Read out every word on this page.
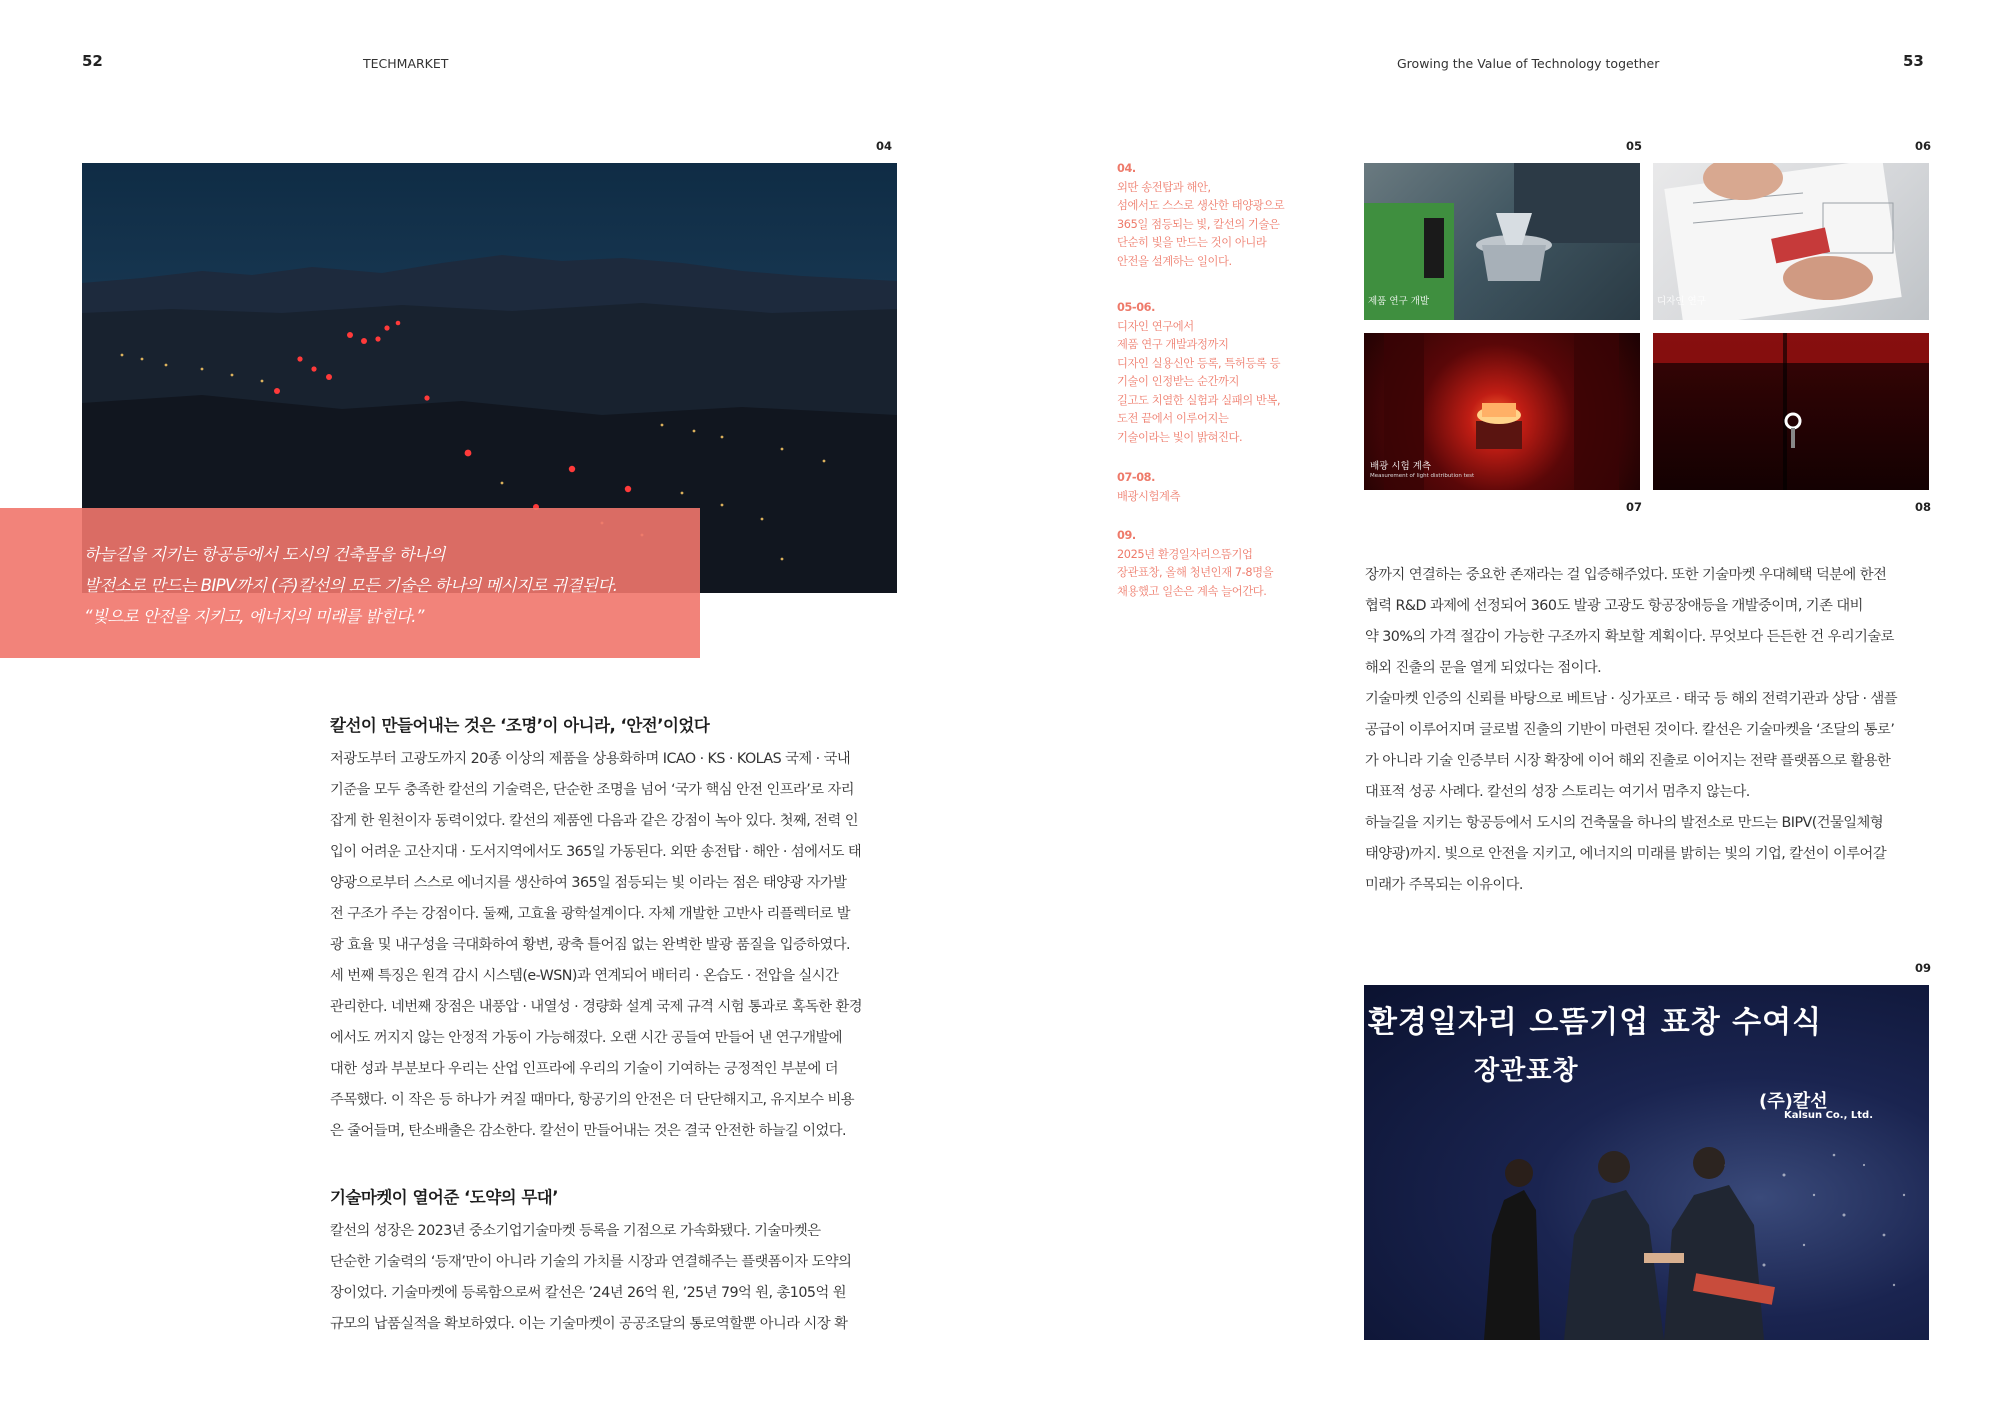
52	TECHMARKET	Growing the Value of Technology together	53
04
하늘길을 지키는 항공등에서 도시의 건축물을 하나의
발전소로 만드는 BIPV까지 (주)칼선의 모든 기술은 하나의 메시지로 귀결된다.
“빛으로 안전을 지키고, 에너지의 미래를 밝힌다.”
칼선이 만들어내는 것은 ‘조명’이 아니라, ‘안전’이었다
저광도부터 고광도까지 20종 이상의 제품을 상용화하며 ICAO · KS · KOLAS 국제 · 국내
기준을 모두 충족한 칼선의 기술력은, 단순한 조명을 넘어 ‘국가 핵심 안전 인프라’로 자리
잡게 한 원천이자 동력이었다. 칼선의 제품엔 다음과 같은 강점이 녹아 있다. 첫째, 전력 인
입이 어려운 고산지대 · 도서지역에서도 365일 가동된다. 외딴 송전탑 · 해안 · 섬에서도 태
양광으로부터 스스로 에너지를 생산하여 365일 점등되는 빛 이라는 점은 태양광 자가발
전 구조가 주는 강점이다. 둘째, 고효율 광학설계이다. 자체 개발한 고반사 리플렉터로 발
광 효율 및 내구성을 극대화하여 황변, 광축 틀어짐 없는 완벽한 발광 품질을 입증하였다.
세 번째 특징은 원격 감시 시스템(e-WSN)과 연계되어 배터리 · 온습도 · 전압을 실시간
관리한다. 네번째 장점은 내풍압 · 내열성 · 경량화 설계 국제 규격 시험 통과로 혹독한 환경
에서도 꺼지지 않는 안정적 가동이 가능해졌다. 오랜 시간 공들여 만들어 낸 연구개발에
대한 성과 부분보다 우리는 산업 인프라에 우리의 기술이 기여하는 긍정적인 부분에 더
주목했다. 이 작은 등 하나가 켜질 때마다, 항공기의 안전은 더 단단해지고, 유지보수 비용
은 줄어들며, 탄소배출은 감소한다. 칼선이 만들어내는 것은 결국 안전한 하늘길 이었다.
기술마켓이 열어준 ‘도약의 무대’
칼선의 성장은 2023년 중소기업기술마켓 등록을 기점으로 가속화됐다. 기술마켓은
단순한 기술력의 ‘등재’만이 아니라 기술의 가치를 시장과 연결해주는 플랫폼이자 도약의
장이었다. 기술마켓에 등록함으로써 칼선은 ’24년 26억 원, ’25년 79억 원, 총105억 원
규모의 납품실적을 확보하였다. 이는 기술마켓이 공공조달의 통로역할뿐 아니라 시장 확
04.
외딴 송전탑과 해안,
섬에서도 스스로 생산한 태양광으로
365일 점등되는 빛, 칼선의 기술은
단순히 빛을 만드는 것이 아니라
안전을 설계하는 일이다.
05-06.
디자인 연구에서
제품 연구 개발과정까지
디자인 실용신안 등록, 특허등록 등
기술이 인정받는 순간까지
길고도 치열한 실험과 실패의 반복,
도전 끝에서 이루어지는
기술이라는 빛이 밝혀진다.
07-08.
배광시험계측
09.
2025년 환경일자리으뜸기업
장관표창, 올해 청년인재 7-8명을
채용했고 일손은 계속 늘어간다.
05	06
07	08
제품 연구 개발	디자인 연구
배광 시험 계측
Measurement of light distribution test
장까지 연결하는 중요한 존재라는 걸 입증해주었다. 또한 기술마켓 우대혜택 덕분에 한전
협력 R&D 과제에 선정되어 360도 발광 고광도 항공장애등을 개발중이며, 기존 대비
약 30%의 가격 절감이 가능한 구조까지 확보할 계획이다. 무엇보다 든든한 건 우리기술로
해외 진출의 문을 열게 되었다는 점이다.
기술마켓 인증의 신뢰를 바탕으로 베트남 · 싱가포르 · 태국 등 해외 전력기관과 상담 · 샘플
공급이 이루어지며 글로벌 진출의 기반이 마련된 것이다. 칼선은 기술마켓을 ‘조달의 통로’
가 아니라 기술 인증부터 시장 확장에 이어 해외 진출로 이어지는 전략 플랫폼으로 활용한
대표적 성공 사례다. 칼선의 성장 스토리는 여기서 멈추지 않는다.
하늘길을 지키는 항공등에서 도시의 건축물을 하나의 발전소로 만드는 BIPV(건물일체형
태양광)까지. 빛으로 안전을 지키고, 에너지의 미래를 밝히는 빛의 기업, 칼선이 이루어갈
미래가 주목되는 이유이다.
09
환경일자리 으뜸기업 표창 수여식
장관표창
(주)칼선
Kalsun Co., Ltd.
